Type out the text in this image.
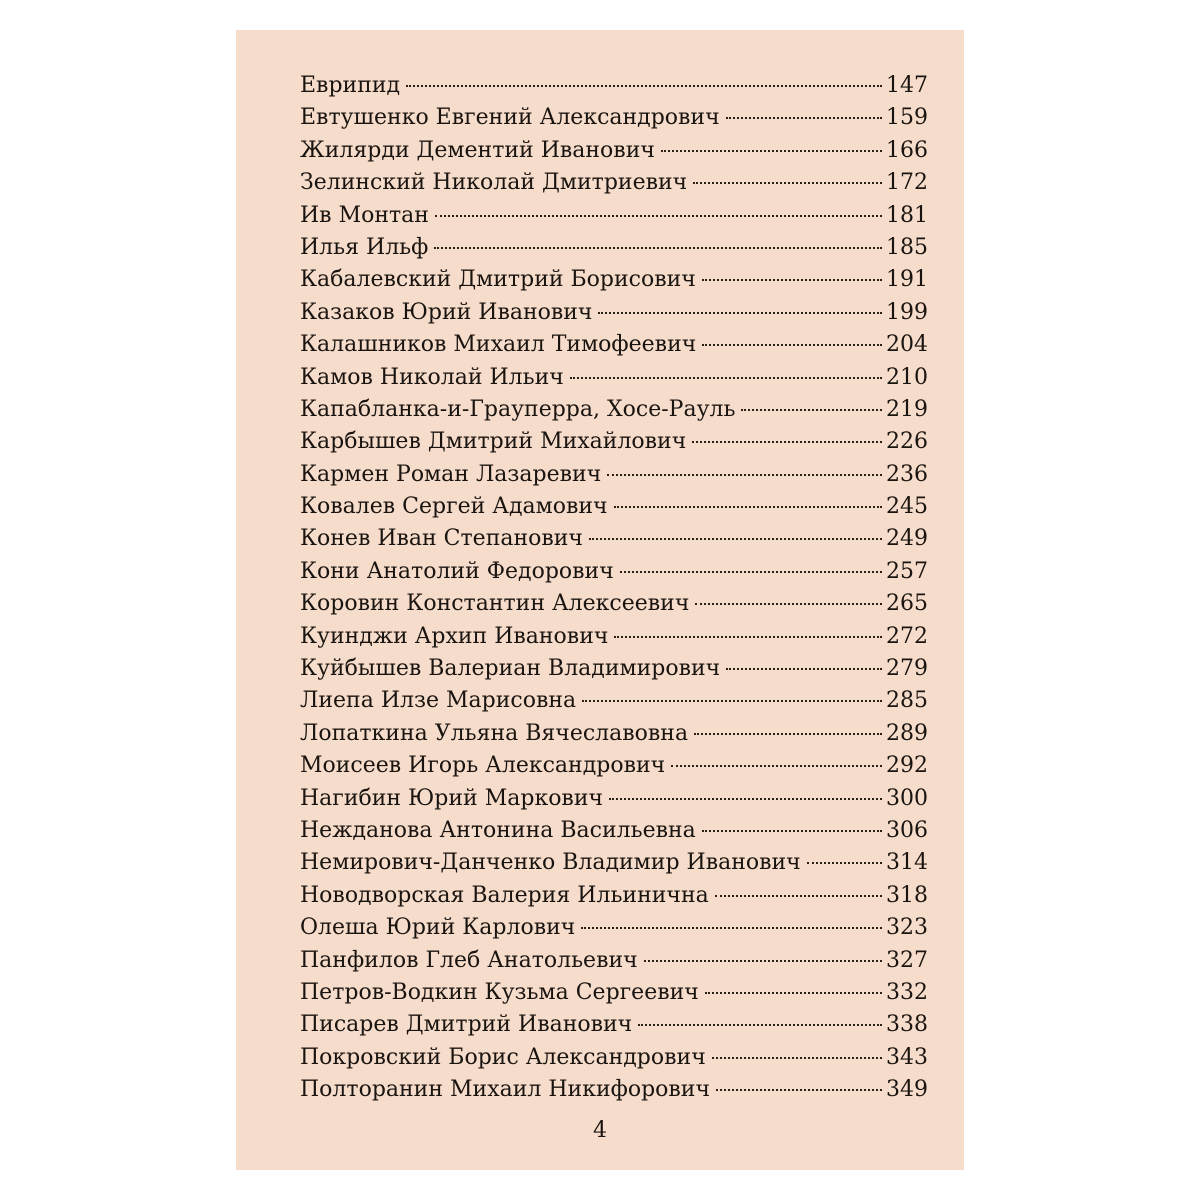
Еврипид	147
Евтушенко Евгений Александрович	159
Жилярди Дементий Иванович	166
Зелинский Николай Дмитриевич	172
Ив Монтан	181
Илья Ильф	185
Кабалевский Дмитрий Борисович	191
Казаков Юрий Иванович	199
Калашников Михаил Тимофеевич	204
Камов Николай Ильич	210
Капабланка-и-Грауперра, Хосе-Рауль	219
Карбышев Дмитрий Михайлович	226
Кармен Роман Лазаревич	236
Ковалев Сергей Адамович	245
Конев Иван Степанович	249
Кони Анатолий Федорович	257
Коровин Константин Алексеевич	265
Куинджи Архип Иванович	272
Куйбышев Валериан Владимирович	279
Лиепа Илзе Марисовна	285
Лопаткина Ульяна Вячеславовна	289
Моисеев Игорь Александрович	292
Нагибин Юрий Маркович	300
Нежданова Антонина Васильевна	306
Немирович-Данченко Владимир Иванович	314
Новодворская Валерия Ильинична	318
Олеша Юрий Карлович	323
Панфилов Глеб Анатольевич	327
Петров-Водкин Кузьма Сергеевич	332
Писарев Дмитрий Иванович	338
Покровский Борис Александрович	343
Полторанин Михаил Никифорович	349
4
